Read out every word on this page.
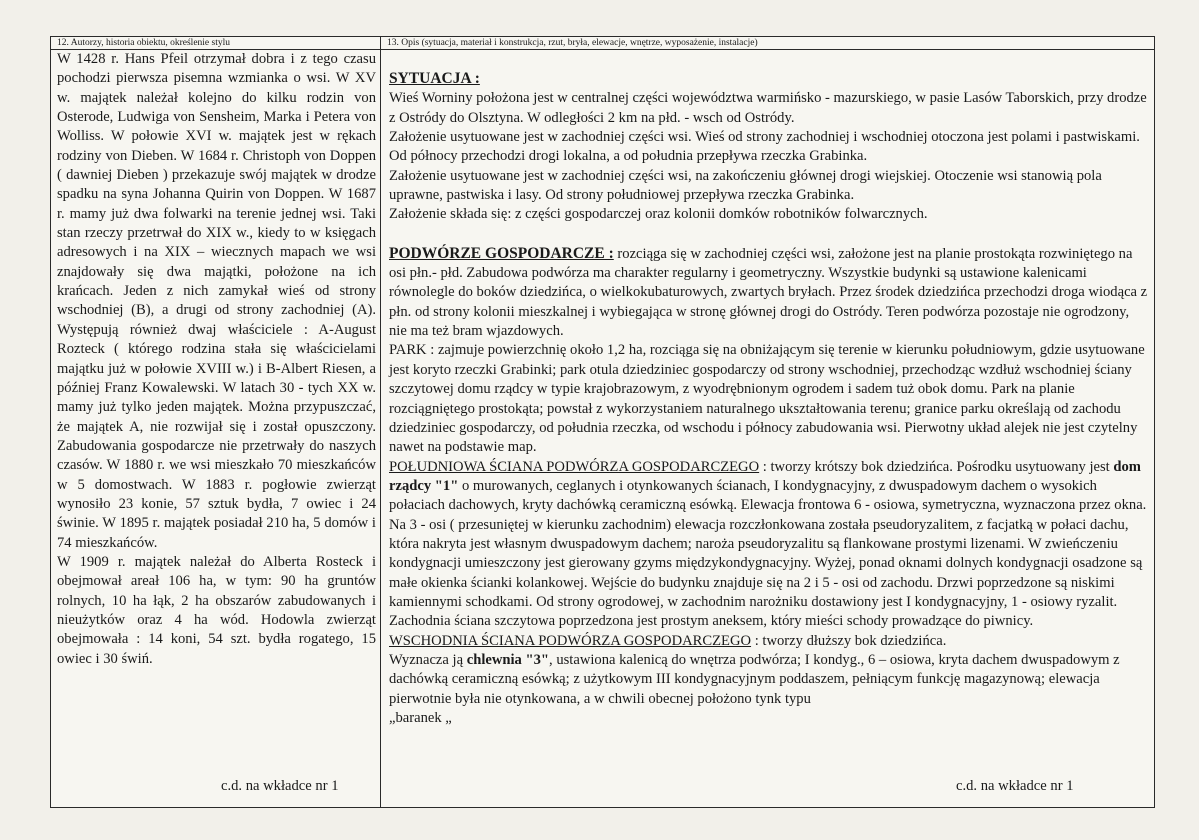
12. Autorzy, historia obiektu, określenie stylu

W 1428 r. Hans Pfeil otrzymał dobra i z tego czasu pochodzi pierwsza pisemna wzmianka o wsi. W XV w. majątek należał kolejno do kilku rodzin von Osterode, Ludwiga von Sensheim, Marka i Petera von Wolliss. W połowie XVI w. majątek jest w rękach rodziny von Dieben. W 1684 r. Christoph von Doppen ( dawniej Dieben ) przekazuje swój majątek w drodze spadku na syna Johanna Quirin von Doppen. W 1687 r. mamy już dwa folwarki na terenie jednej wsi. Taki stan rzeczy przetrwał do XIX w., kiedy to w księgach adresowych i na XIX – wiecznych mapach we wsi znajdowały się dwa majątki, położone na ich krańcach. Jeden z nich zamykał wieś od strony wschodniej (B), a drugi od strony zachodniej (A). Występują również dwaj właściciele : A-August Rozteck ( którego rodzina stała się właścicielami majątku już w połowie XVIII w.) i B-Albert Riesen, a później Franz Kowalewski. W latach 30 - tych XX w. mamy już tylko jeden majątek. Można przypuszczać, że majątek A, nie rozwijał się i został opuszczony. Zabudowania gospodarcze nie przetrwały do naszych czasów. W 1880 r. we wsi mieszkało 70 mieszkańców w 5 domostwach. W 1883 r. pogłowie zwierząt wynosiło 23 konie, 57 sztuk bydła, 7 owiec i 24 świnie. W 1895 r. majątek posiadał 210 ha, 5 domów i 74 mieszkańców.

W 1909 r. majątek należał do Alberta Rosteck i obejmował areał 106 ha, w tym: 90 ha gruntów rolnych, 10 ha łąk, 2 ha obszarów zabudowanych i nieużytków oraz 4 ha wód. Hodowla zwierząt obejmowała : 14 koni, 54 szt. bydła rogatego, 15 owiec i 30 świń.

c.d. na wkładce nr 1
13. Opis (sytuacja, materiał i konstrukcja, rzut, bryła, elewacje, wnętrze, wyposażenie, instalacje)

SYTUACJA :

Wieś Worniny położona jest w centralnej części województwa warmińsko - mazurskiego, w pasie Lasów Taborskich, przy drodze z Ostródy do Olsztyna. W odległości 2 km na płd. - wsch od Ostródy.

Założenie usytuowane jest w zachodniej części wsi. Wieś od strony zachodniej i wschodniej otoczona jest polami i pastwiskami. Od północy przechodzi drogi lokalna, a od południa przepływa rzeczka Grabinka.

Założenie usytuowane jest w zachodniej części wsi, na zakończeniu głównej drogi wiejskiej. Otoczenie wsi stanowią pola uprawne, pastwiska i lasy. Od strony południowej przepływa rzeczka Grabinka.

Założenie składa się: z części gospodarczej oraz kolonii domków robotników folwarcznych.

PODWÓRZE GOSPODARCZE : rozciąga się w zachodniej części wsi, założone jest na planie prostokąta rozwiniętego na osi płn.- płd. Zabudowa podwórza ma charakter regularny i geometryczny. Wszystkie budynki są ustawione kalenicami równolegle do boków dziedzińca, o wielkokubaturowych, zwartych bryłach. Przez środek dziedzińca przechodzi droga wiodąca z płn. od strony kolonii mieszkalnej i wybiegająca w stronę głównej drogi do Ostródy. Teren podwórza pozostaje nie ogrodzony, nie ma też bram wjazdowych.

PARK : zajmuje powierzchnię około 1,2 ha, rozciąga się na obniżającym się terenie w kierunku południowym, gdzie usytuowane jest koryto rzeczki Grabinki; park otula dziedziniec gospodarczy od strony wschodniej, przechodząc wzdłuż wschodniej ściany szczytowej domu rządcy w typie krajobrazowym, z wyodrębnionym ogrodem i sadem tuż obok domu. Park na planie rozciągniętego prostokąta; powstał z wykorzystaniem naturalnego ukształtowania terenu; granice parku określają od zachodu dziedziniec gospodarczy, od południa rzeczka, od wschodu i północy zabudowania wsi. Pierwotny układ alejek nie jest czytelny nawet na podstawie map.

POŁUDNIOWA ŚCIANA PODWÓRZA GOSPODARCZEGO : tworzy krótszy bok dziedzińca. Pośrodku usytuowany jest dom rządcy "1" o murowanych, ceglanych i otynkowanych ścianach, I kondygnacyjny, z dwuspadowym dachem o wysokich połaciach dachowych, kryty dachówką ceramiczną esówką. Elewacja frontowa 6 - osiowa, symetryczna, wyznaczona przez okna. Na 3 - osi ( przesuniętej w kierunku zachodnim) elewacja rozczłonkowana została pseudoryzalitem, z facjatką w połaci dachu, która nakryta jest własnym dwuspadowym dachem; naroża pseudoryzalitu są flankowane prostymi lizenami. W zwieńczeniu kondygnacji umieszczony jest gierowany gzyms międzykondygnacyjny. Wyżej, ponad oknami dolnych kondygnacji osadzone są małe okienka ścianki kolankowej. Wejście do budynku znajduje się na 2 i 5 - osi od zachodu. Drzwi poprzedzone są niskimi kamiennymi schodkami. Od strony ogrodowej, w zachodnim narożniku dostawiony jest I kondygnacyjny, 1 - osiowy ryzalit. Zachodnia ściana szczytowa poprzedzona jest prostym aneksem, który mieści schody prowadzące do piwnicy.

WSCHODNIA ŚCIANA PODWÓRZA GOSPODARCZEGO : tworzy dłuższy bok dziedzińca.

Wyznacza ją chlewnia "3", ustawiona kalenicą do wnętrza podwórza; I kondyg., 6 – osiowa, kryta dachem dwuspadowym z dachówką ceramiczną esówką; z użytkowym III kondygnacyjnym poddaszem, pełniącym funkcję magazynową; elewacja pierwotnie była nie otynkowana, a w chwili obecnej położono tynk typu

„baranek „

c.d. na wkładce nr 1
